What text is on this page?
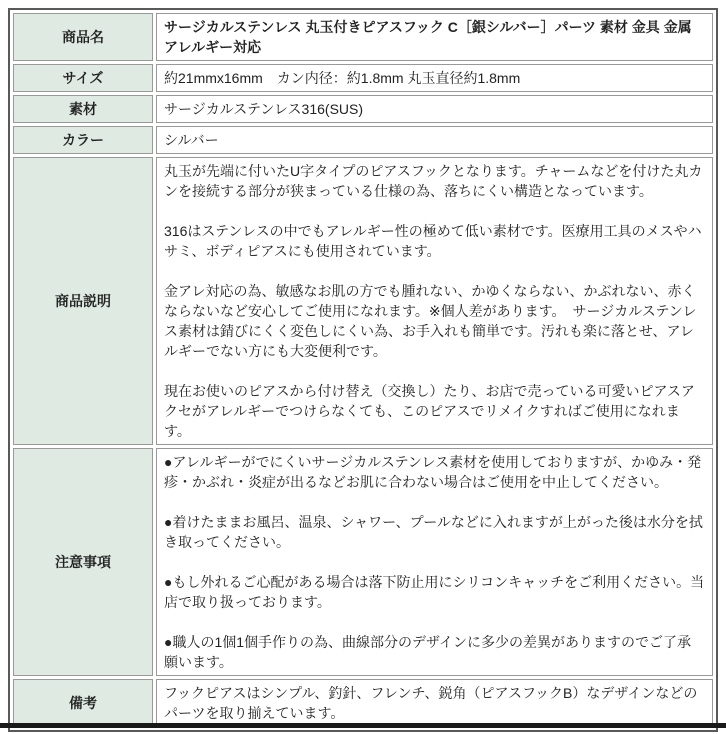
商品名	サージカルステンレス 丸玉付きピアスフック C［銀シルバー］パーツ 素材 金具 金属アレルギー対応

サイズ	約21mmx16mm　カン内径：約1.8mm 丸玉直径約1.8mm

素材	サージカルステンレス316(SUS)

カラー	シルバー

商品説明	丸玉が先端に付いたU字タイプのピアスフックとなります。チャームなどを付けた丸カンを接続する部分が狭まっている仕様の為、落ちにくい構造となっています。

316はステンレスの中でもアレルギー性の極めて低い素材です。医療用工具のメスやハサミ、ボディピアスにも使用されています。

金アレ対応の為、敏感なお肌の方でも腫れない、かゆくならない、かぶれない、赤くならないなど安心してご使用になれます。※個人差があります。　サージカルステンレス素材は錆びにくく変色しにくい為、お手入れも簡単です。汚れも楽に落とせ、アレルギーでない方にも大変便利です。

現在お使いのピアスから付け替え（交換し）たり、お店で売っている可愛いピアスアクセがアレルギーでつけらなくても、このピアスでリメイクすればご使用になれます。

注意事項	●アレルギーがでにくいサージカルステンレス素材を使用しておりますが、かゆみ・発疹・かぶれ・炎症が出るなどお肌に合わない場合はご使用を中止してください。

●着けたままお風呂、温泉、シャワー、プールなどに入れますが上がった後は水分を拭き取ってください。

●もし外れるご心配がある場合は落下防止用にシリコンキャッチをご利用ください。当店で取り扱っております。

●職人の1個1個手作りの為、曲線部分のデザインに多少の差異がありますのでご了承願います。

備考	フックピアスはシンプル、釣針、フレンチ、鋭角（ピアスフックB）なデザインなどのパーツを取り揃えています。
